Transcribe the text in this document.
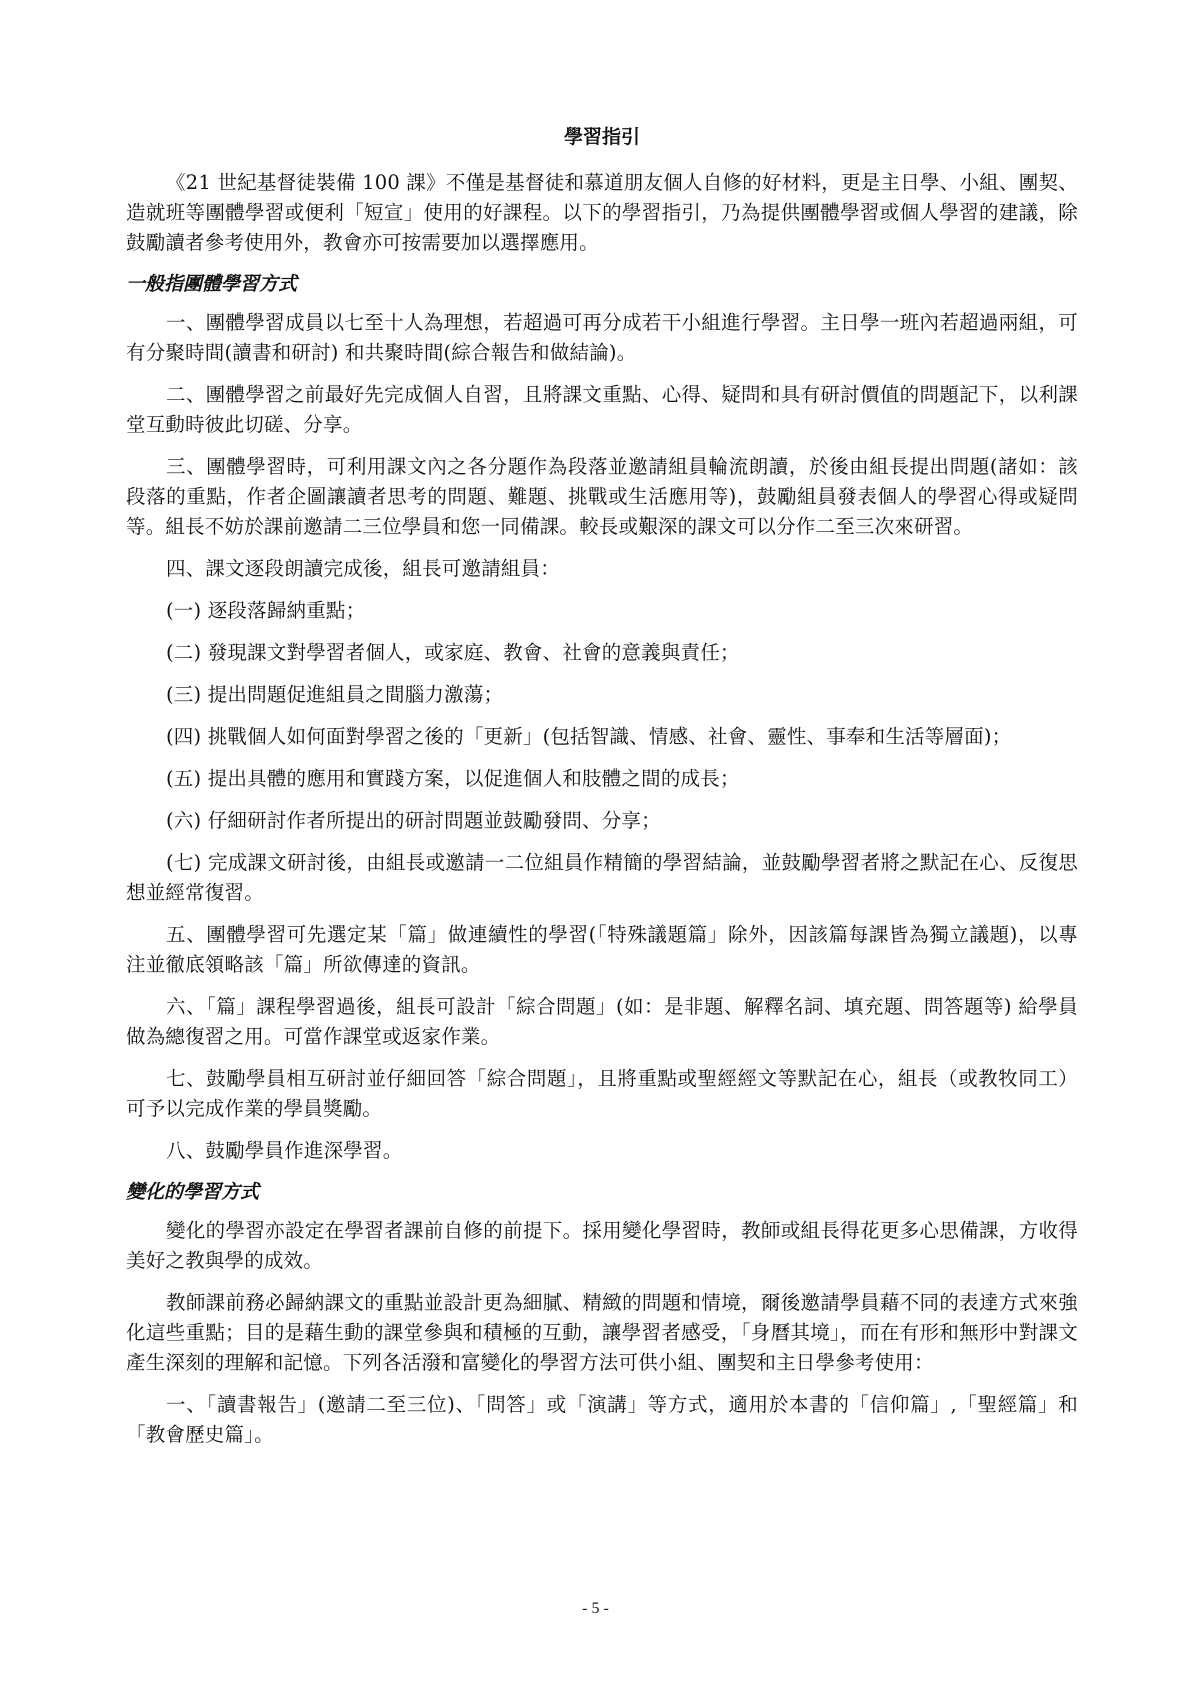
學習指引

《21 世紀基督徒裝備 100 課》不僅是基督徒和慕道朋友個人自修的好材料，更是主日學、小組、團契、造就班等團體學習或便利「短宣」使用的好課程。以下的學習指引，乃為提供團體學習或個人學習的建議，除鼓勵讀者參考使用外，教會亦可按需要加以選擇應用。

一般指團體學習方式

一、團體學習成員以七至十人為理想，若超過可再分成若干小組進行學習。主日學一班內若超過兩組，可有分聚時間(讀書和研討) 和共聚時間(綜合報告和做結論)。

二、團體學習之前最好先完成個人自習，且將課文重點、心得、疑問和具有研討價值的問題記下，以利課堂互動時彼此切磋、分享。

三、團體學習時，可利用課文內之各分題作為段落並邀請組員輪流朗讀，於後由組長提出問題(諸如：該段落的重點，作者企圖讓讀者思考的問題、難題、挑戰或生活應用等)，鼓勵組員發表個人的學習心得或疑問等。組長不妨於課前邀請二三位學員和您一同備課。較長或艱深的課文可以分作二至三次來研習。

四、課文逐段朗讀完成後，組長可邀請組員：

(一) 逐段落歸納重點；

(二) 發現課文對學習者個人，或家庭、教會、社會的意義與責任；

(三) 提出問題促進組員之間腦力激蕩；

(四) 挑戰個人如何面對學習之後的「更新」(包括智識、情感、社會、靈性、事奉和生活等層面)；

(五) 提出具體的應用和實踐方案，以促進個人和肢體之間的成長；

(六) 仔細研討作者所提出的研討問題並鼓勵發問、分享；

(七) 完成課文研討後，由組長或邀請一二位組員作精簡的學習結論，並鼓勵學習者將之默記在心、反復思想並經常復習。

五、團體學習可先選定某「篇」做連續性的學習(「特殊議題篇」除外，因該篇每課皆為獨立議題)，以專注並徹底領略該「篇」所欲傳達的資訊。

六、「篇」課程學習過後，組長可設計「綜合問題」(如：是非題、解釋名詞、填充題、問答題等) 給學員做為總復習之用。可當作課堂或返家作業。

七、鼓勵學員相互研討並仔細回答「綜合問題」，且將重點或聖經經文等默記在心，組長（或教牧同工）可予以完成作業的學員獎勵。

八、鼓勵學員作進深學習。

變化的學習方式

變化的學習亦設定在學習者課前自修的前提下。採用變化學習時，教師或組長得花更多心思備課，方收得美好之教與學的成效。

教師課前務必歸納課文的重點並設計更為細膩、精緻的問題和情境，爾後邀請學員藉不同的表達方式來強化這些重點；目的是藉生動的課堂參與和積極的互動，讓學習者感受，「身曆其境」，而在有形和無形中對課文產生深刻的理解和記憶。下列各活潑和富變化的學習方法可供小組、團契和主日學參考使用：

一、「讀書報告」(邀請二至三位)、「問答」或「演講」等方式，適用於本書的「信仰篇」,「聖經篇」和「教會歷史篇」。

- 5 -
